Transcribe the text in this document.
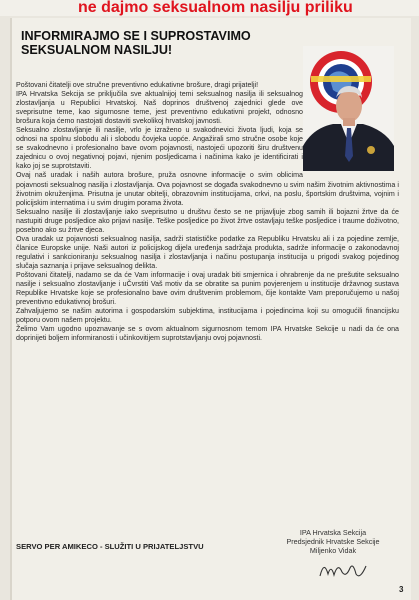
ne dajmo seksualnom nasilju priliku
INFORMIRAJMO SE I SUPROSTAVIMO
SEKSUALNOM NASILJU!

Poštovani čitatelji ove stručne preventivno edukativne brošure, dragi prijatelji!

IPA Hrvatska Sekcija se priključila sve aktualnijoj temi seksualnog nasilja ili seksualnog zlostavljanja u Republici Hrvatskoj. Naš doprinos društvenoj zajednici glede ove sveprisutne teme, kao sigurnosne teme, jest preventivno edukativni projekt, odnosno brošura koja ćemo nastojati dostaviti svekolikoj hrvatskoj javnosti.

Seksualno zlostavljanje ili nasilje, vrlo je izraženo u svakodnevici života ljudi, koja se odnosi na spolnu slobodu ali i slobodu čovjeka uopće. Angažirali smo stručne osobe koje se svakodnevno i profesionalno bave ovom pojavnosti, nastojeći upozoriti širu društvenu zajednicu o ovoj negativnoj pojavi, njenim posljedicama i načinima kako je identificirati i kako joj se suprotstaviti.

Ovaj naš uradak i naših autora brošure, pruža osnovne informacije o svim oblicima pojavnosti seksualnog nasilja i zlostavljanja. Ova pojavnost se događa svakodnevno u svim našim životnim aktivnostima i životnim okruženjima. Prisutna je unutar obitelji, obrazovnim institucijama, crkvi, na poslu, športskim društvima, vojnim i policijskim internatima i u svim drugim porama života.

Seksualno nasilje ili zlostavljanje iako sveprisutno u društvu često se ne prijavljuje zbog samih ili bojazni žrtve da će nastupiti druge posljedice ako prijavi nasilje. Teške posljedice po život žrtve ostavljaju teške posljedice i traume doživotno, posebno ako su žrtve djeca.

Ova uradak uz pojavnosti seksualnog nasilja, sadrži statističke podatke za Republiku Hrvatsku ali i za pojedine zemlje, članice Europske unije. Naši autori iz policijskog dijela uređenja sadržaja produkta, sadrže informacije o zakonodavnoj regulativi i sankcioniranju seksualnog nasilja i zlostavljanja i načinu postupanja institucija u prigodi svakog pojedinog slučaja saznanja i prijave seksualnog delikta.

Poštovani čitatelji, nadamo se da će Vam informacije i ovaj uradak biti smjernica i ohrabrenje da ne prešutite seksualno nasilje i seksualno zlostavljanje i uČvrstiti Vaš motiv da se obratite sa punim povjerenjem u institucije državnog sustava Republike Hrvatske koje se profesionalno bave ovim društvenim problemom, čije kontakte Vam preporučujemo u našoj preventivno edukativnoj brošuri.

Zahvaljujemo se našim autorima i gospodarskim subjektima, institucijama i pojedincima koji su omogućili financijsku potporu ovom našem projektu.

Želimo Vam ugodno upoznavanje se s ovom aktualnom sigurnosnom temom IPA Hrvatske Sekcije u nadi da će ona doprinijeti boljem informiranosti i učinkovitijem suprotstavljanju ovoj pojavnosti.

SERVO PER AMIKECO - SLUŽITI U PRIJATELJSTVU
IPA Hrvatska Sekcija
Predsjednik Hrvatske Sekcije
Miljenko Vidak
3
